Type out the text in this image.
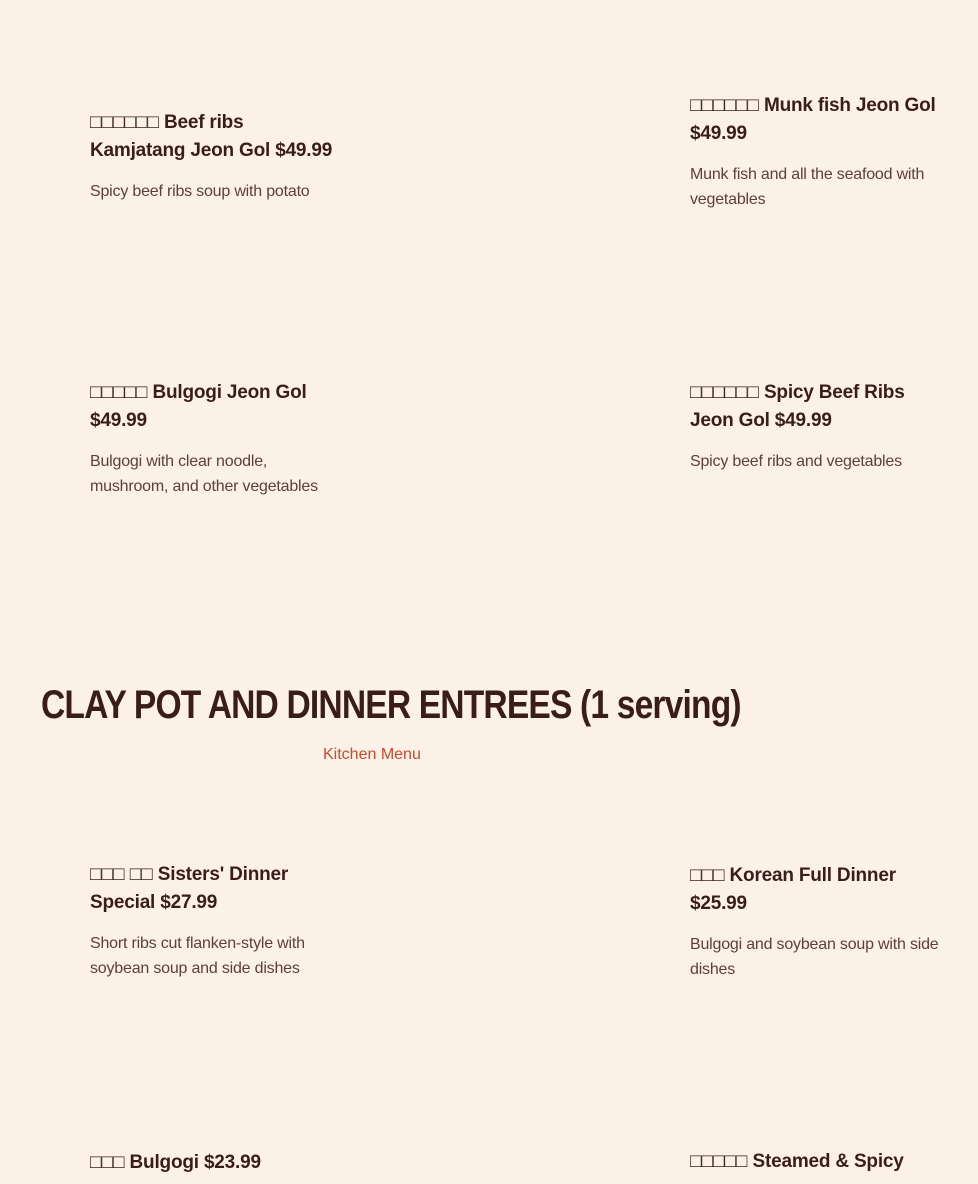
□□□□□□ Beef ribs Kamjatang Jeon Gol $49.99
Spicy beef ribs soup with potato
□□□□□□ Munk fish Jeon Gol $49.99
Munk fish and all the seafood with vegetables
□□□□□ Bulgogi Jeon Gol $49.99
Bulgogi with clear noodle, mushroom, and other vegetables
□□□□□□ Spicy Beef Ribs Jeon Gol $49.99
Spicy beef ribs and vegetables
CLAY POT AND DINNER ENTREES (1 serving)
Kitchen Menu
□□□ □□ Sisters' Dinner Special $27.99
Short ribs cut flanken-style with soybean soup and side dishes
□□□ Korean Full Dinner $25.99
Bulgogi and soybean soup with side dishes
□□□ Bulgogi $23.99	□□□□□ Steamed & Spicy
